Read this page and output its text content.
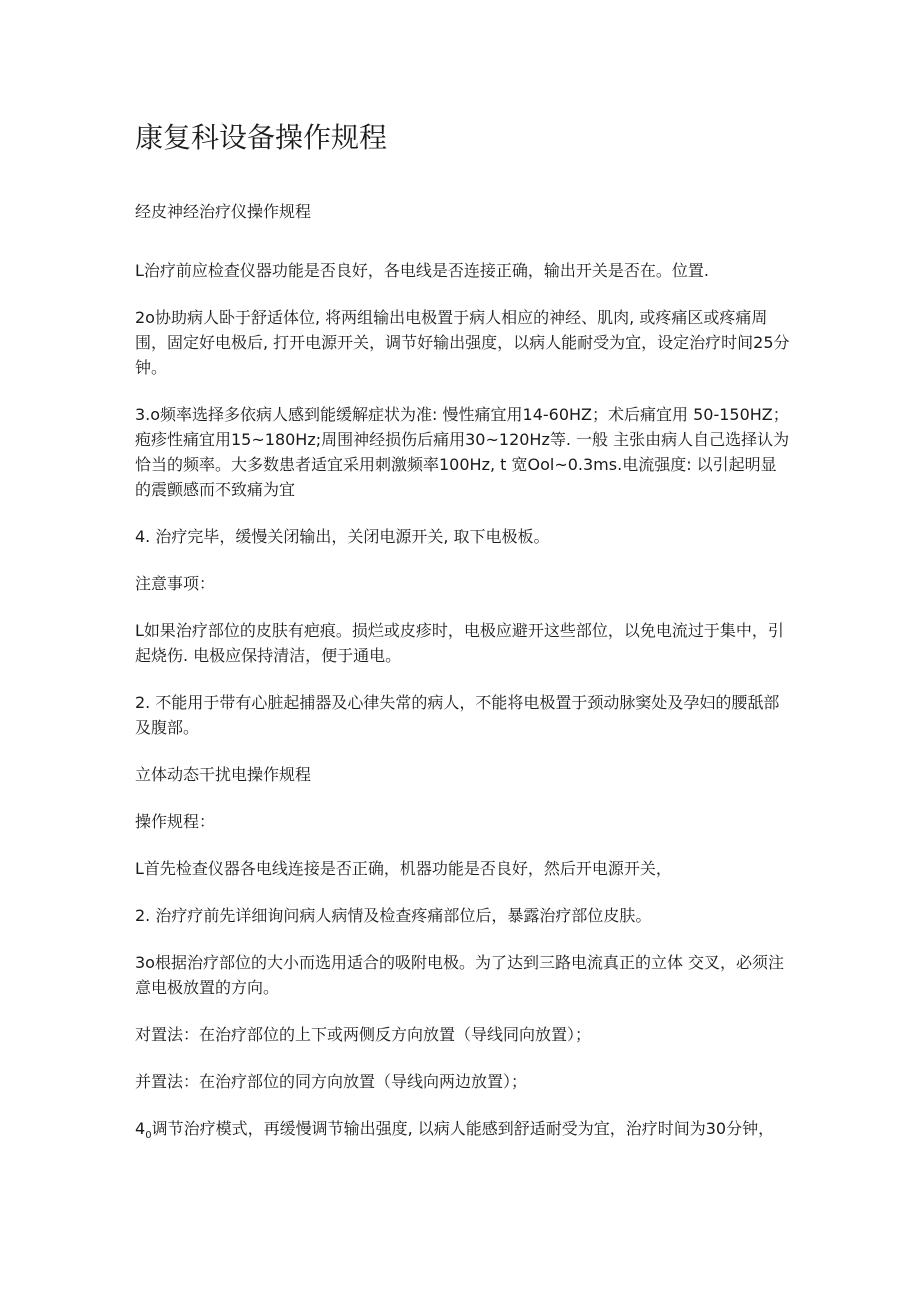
康复科设备操作规程

经皮神经治疗仪操作规程

L治疗前应检查仪器功能是否良好，各电线是否连接正确，输出开关是否在。位置.

2o协助病人卧于舒适体位, 将两组输出电极置于病人相应的神经、肌肉, 或疼痛区或疼痛周围，固定好电极后, 打开电源开关，调节好输出强度，以病人能耐受为宜，设定治疗时间25分钟。

3.o频率选择多依病人感到能缓解症状为准: 慢性痛宜用14-60HZ；术后痛宜用 50-150HZ； 疱疹性痛宜用15~180Hz;周围神经损伤后痛用30~120Hz等. 一般 主张由病人自己选择认为恰当的频率。大多数患者适宜采用刺激频率100Hz, t 宽Ool~0.3ms.电流强度: 以引起明显的震颤感而不致痛为宜

4. 治疗完毕，缓慢关闭输出，关闭电源开关, 取下电极板。

注意事项：

L如果治疗部位的皮肤有疤痕。损烂或皮疹时，电极应避开这些部位，以免电流过于集中，引起烧伤. 电极应保持清洁，便于通电。

2. 不能用于带有心脏起捕器及心律失常的病人，不能将电极置于颈动脉窦处及孕妇的腰舐部及腹部。

立体动态干扰电操作规程

操作规程：

L首先检查仪器各电线连接是否正确，机器功能是否良好，然后开电源开关，

2. 治疗疗前先详细询问病人病情及检查疼痛部位后，暴露治疗部位皮肤。

3o根据治疗部位的大小而选用适合的吸附电极。为了达到三路电流真正的立体 交叉，必须注意电极放置的方向。

对置法：在治疗部位的上下或两侧反方向放置（导线同向放置）；

并置法：在治疗部位的同方向放置（导线向两边放置）；

$4_0$调节治疗模式，再缓慢调节输出强度, 以病人能感到舒适耐受为宜，治疗时间为30分钟，
